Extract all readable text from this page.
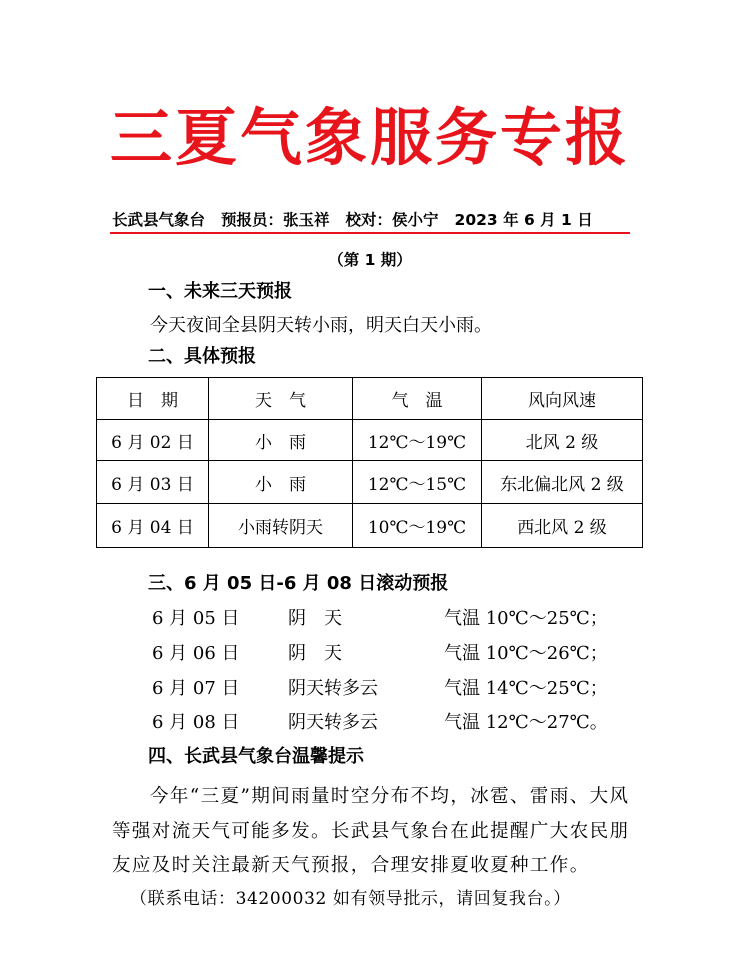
三夏气象服务专报
长武县气象台 预报员：张玉祥 校对：侯小宁 2023 年 6 月 1 日
（第 1 期）
一、未来三天预报
今天夜间全县阴天转小雨，明天白天小雨。
二、具体预报
日　期	天　气	气　温	风向风速
6 月 02 日	小　雨	12℃～19℃	北风 2 级
6 月 03 日	小　雨	12℃～15℃	东北偏北风 2 级
6 月 04 日	小雨转阴天	10℃～19℃	西北风 2 级
三、6 月 05 日-6 月 08 日滚动预报
6 月 05 日	阴　天	气温 10℃～25℃；
6 月 06 日	阴　天	气温 10℃～26℃；
6 月 07 日	阴天转多云	气温 14℃～25℃；
6 月 08 日	阴天转多云	气温 12℃～27℃。
四、长武县气象台温馨提示
今年“三夏”期间雨量时空分布不均，冰雹、雷雨、大风等强对流天气可能多发。长武县气象台在此提醒广大农民朋友应及时关注最新天气预报，合理安排夏收夏种工作。
（联系电话：34200032 如有领导批示，请回复我台。）
